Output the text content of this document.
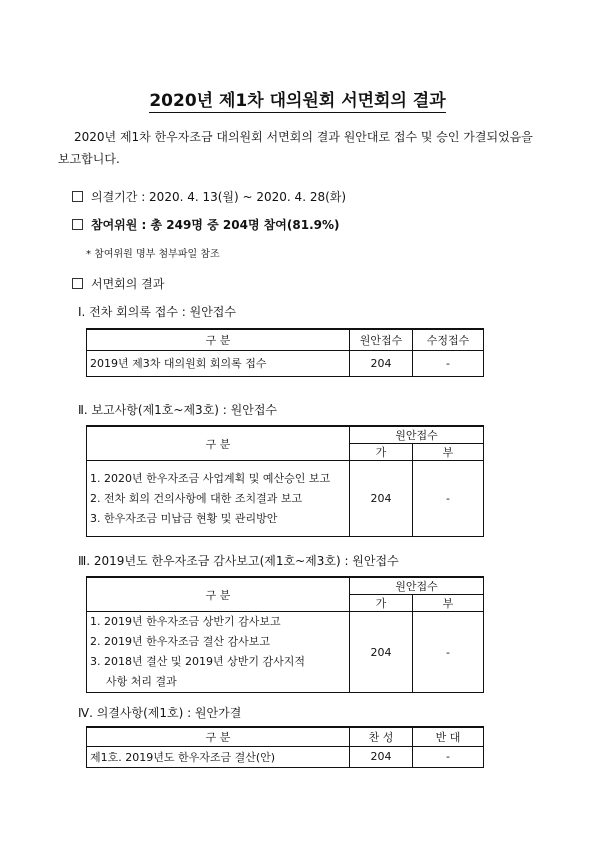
2020년 제1차 대의원회 서면회의 결과
2020년 제1차 한우자조금 대의원회 서면회의 결과 원안대로 접수 및 승인 가결되었음을 보고합니다.
의결기간 : 2020. 4. 13(월) ~ 2020. 4. 28(화)
참여위원 : 총 249명 중 204명 참여(81.9%)
* 참여위원 명부 첨부파일 참조
서면회의 결과
Ⅰ. 전차 회의록 접수 : 원안접수
구 분	원안접수	수정접수
2019년 제3차 대의원회 회의록 접수	204	-
Ⅱ. 보고사항(제1호~제3호) : 원안접수
구 분	원안접수	
	가	부

1. 2020년 한우자조금 사업계획 및 예산승인 보고
2. 전차 회의 건의사항에 대한 조치결과 보고
3. 한우자조금 미납금 현황 및 관리방안	204	-
Ⅲ. 2019년도 한우자조금 감사보고(제1호~제3호) : 원안접수
구 분	원안접수	
	가	부

1. 2019년 한우자조금 상반기 감사보고
2. 2019년 한우자조금 결산 감사보고
3. 2018년 결산 및 2019년 상반기 감사지적
사항 처리 결과	204	-
Ⅳ. 의결사항(제1호) : 원안가결
구 분	찬 성	반 대
제1호. 2019년도 한우자조금 결산(안)	204	-
